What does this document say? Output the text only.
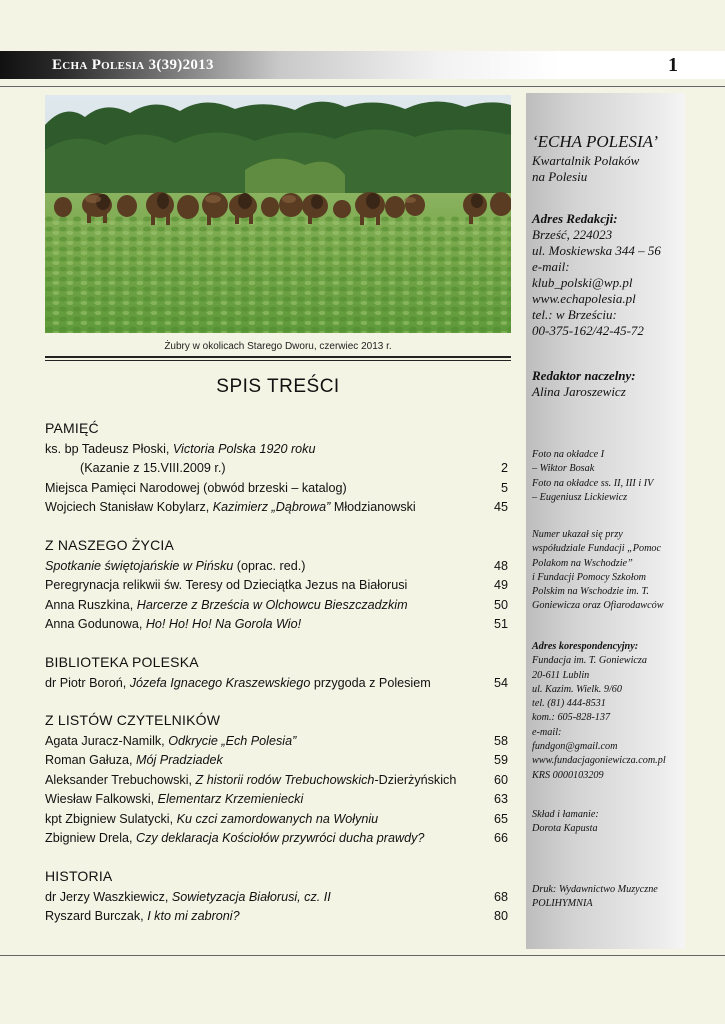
Echa Polesia 3(39)2013	1
Żubry w okolicach Starego Dworu, czerwiec 2013 r.
SPIS TREŚCI
PAMIĘĆ
ks. bp Tadeusz Płoski, Victoria Polska 1920 roku
(Kazanie z 15.VIII.2009 r.)	2
Miejsca Pamięci Narodowej (obwód brzeski – katalog)	5
Wojciech Stanisław Kobylarz, Kazimierz „Dąbrowa” Młodzianowski	45
Z NASZEGO ŻYCIA
Spotkanie świętojańskie w Pińsku (oprac. red.)	48
Peregrynacja relikwii św. Teresy od Dzieciątka Jezus na Białorusi	49
Anna Ruszkina, Harcerze z Brześcia w Olchowcu Bieszczadzkim	50
Anna Godunowa, Ho! Ho! Ho! Na Gorola Wio!	51
BIBLIOTEKA POLESKA
dr Piotr Boroń, Józefa Ignacego Kraszewskiego przygoda z Polesiem	54
Z LISTÓW CZYTELNIKÓW
Agata Juracz-Namilk, Odkrycie „Ech Polesia”	58
Roman Gałuza, Mój Pradziadek	59
Aleksander Trebuchowski, Z historii rodów Trebuchowskich-Dzierżyńskich	60
Wiesław Falkowski, Elementarz Krzemieniecki	63
kpt Zbigniew Sulatycki, Ku czci zamordowanych na Wołyniu	65
Zbigniew Drela, Czy deklaracja Kościołów przywróci ducha prawdy?	66
HISTORIA
dr Jerzy Waszkiewicz, Sowietyzacja Białorusi, cz. II	68
Ryszard Burczak, I kto mi zabroni?	80
‘ECHA POLESIA’
Kwartalnik Polaków
na Polesiu
Adres Redakcji:
Brześć, 224023
ul. Moskiewska 344 – 56
e-mail:
klub_polski@wp.pl
www.echapolesia.pl
tel.: w Brześciu:
00-375-162/42-45-72
Redaktor naczelny:
Alina Jaroszewicz
Foto na okładce I
– Wiktor Bosak
Foto na okładce ss. II, III i IV
– Eugeniusz Lickiewicz
Numer ukazał się przy
współudziale Fundacji „Pomoc
Polakom na Wschodzie”
i Fundacji Pomocy Szkołom
Polskim na Wschodzie im. T.
Goniewicza oraz Ofiarodawców
Adres korespondencyjny:
Fundacja im. T. Goniewicza
20-611 Lublin
ul. Kazim. Wielk. 9/60
tel. (81) 444-8531
kom.: 605-828-137
e-mail:
fundgon@gmail.com
www.fundacjagoniewicza.com.pl
KRS 0000103209
Skład i łamanie:
Dorota Kapusta
Druk: Wydawnictwo Muzyczne
POLIHYMNIA
